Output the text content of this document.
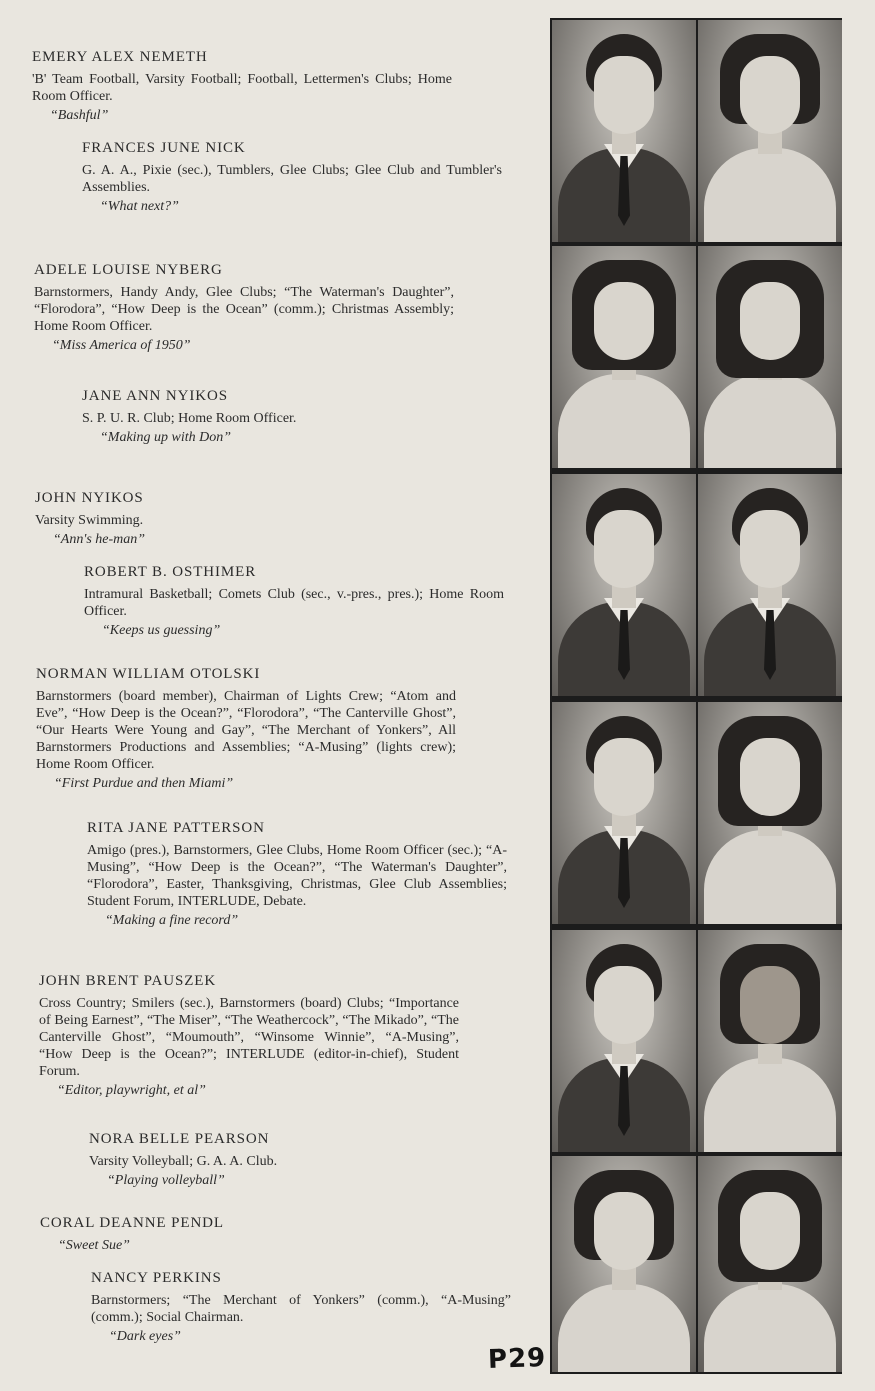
EMERY ALEX NEMETH

'B' Team Football, Varsity Football; Football, Lettermen's Clubs; Home Room Officer.

“Bashful”

FRANCES JUNE NICK

G. A. A., Pixie (sec.), Tumblers, Glee Clubs; Glee Club and Tumbler's Assemblies.

“What next?”

ADELE LOUISE NYBERG

Barnstormers, Handy Andy, Glee Clubs; “The Waterman's Daughter”, “Florodora”, “How Deep is the Ocean” (comm.); Christmas Assembly; Home Room Officer.

“Miss America of 1950”

JANE ANN NYIKOS

S. P. U. R. Club; Home Room Officer.

“Making up with Don”

JOHN NYIKOS

Varsity Swimming.

“Ann's he-man”

ROBERT B. OSTHIMER

Intramural Basketball; Comets Club (sec., v.-pres., pres.); Home Room Officer.

“Keeps us guessing”

NORMAN WILLIAM OTOLSKI

Barnstormers (board member), Chairman of Lights Crew; “Atom and Eve”, “How Deep is the Ocean?”, “Florodora”, “The Canterville Ghost”, “Our Hearts Were Young and Gay”, “The Merchant of Yonkers”, All Barnstormers Productions and Assemblies; “A-Musing” (lights crew); Home Room Officer.

“First Purdue and then Miami”

RITA JANE PATTERSON

Amigo (pres.), Barnstormers, Glee Clubs, Home Room Officer (sec.); “A-Musing”, “How Deep is the Ocean?”, “The Waterman's Daughter”, “Florodora”, Easter, Thanksgiving, Christmas, Glee Club Assemblies; Student Forum, INTERLUDE, Debate.

“Making a fine record”

JOHN BRENT PAUSZEK

Cross Country; Smilers (sec.), Barnstormers (board) Clubs; “Importance of Being Earnest”, “The Miser”, “The Weathercock”, “The Mikado”, “The Canterville Ghost”, “Moumouth”, “Winsome Winnie”, “A-Musing”, “How Deep is the Ocean?”; INTERLUDE (editor-in-chief), Student Forum.

“Editor, playwright, et al”

NORA BELLE PEARSON

Varsity Volleyball; G. A. A. Club.

“Playing volleyball”

CORAL DEANNE PENDL

“Sweet Sue”

NANCY PERKINS

Barnstormers; “The Merchant of Yonkers” (comm.), “A-Musing” (comm.); Social Chairman.

“Dark eyes”

P29
